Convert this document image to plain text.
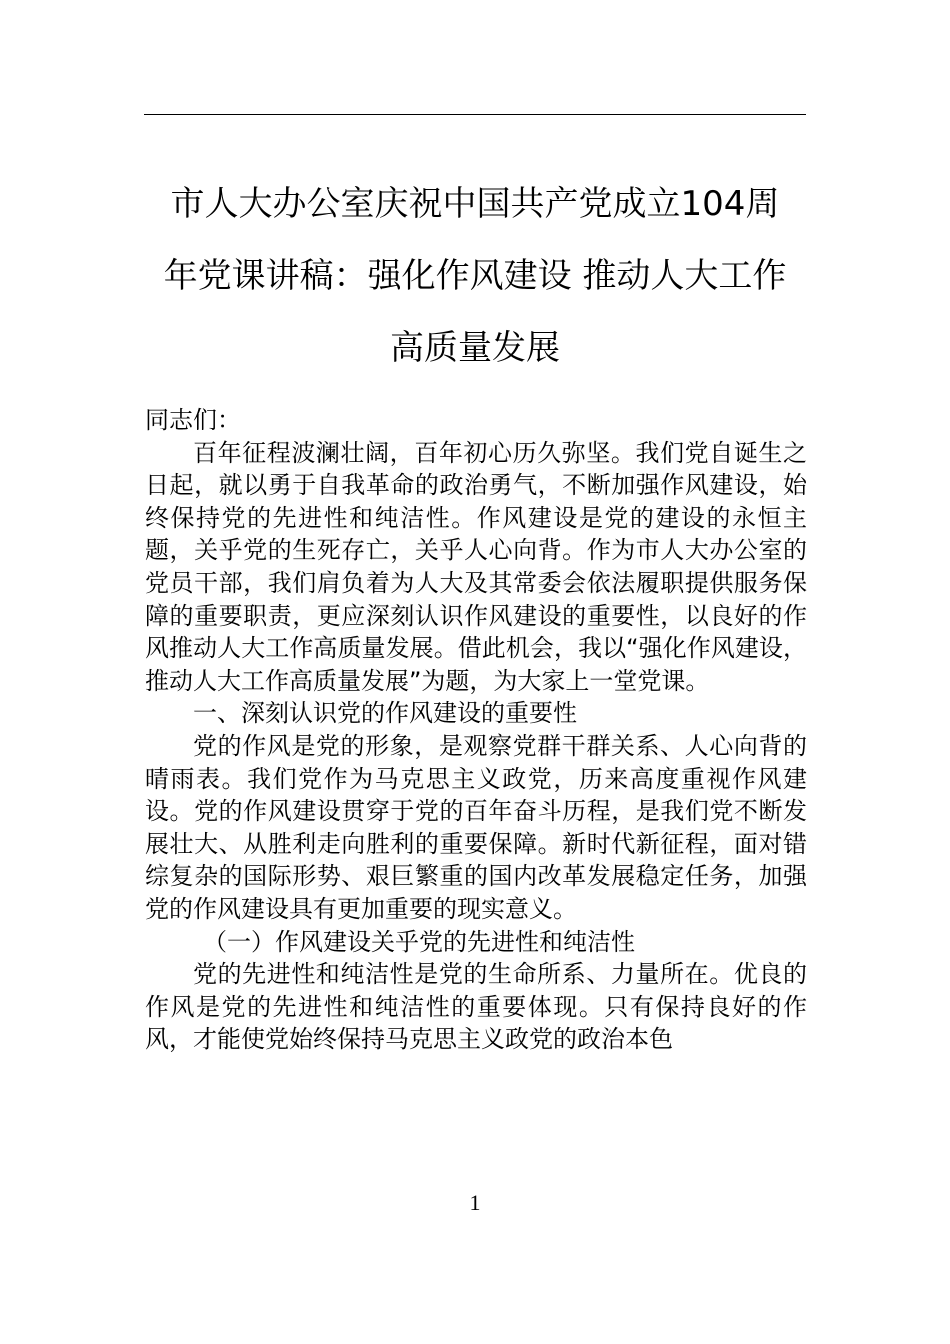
市人大办公室庆祝中国共产党成立104周
年党课讲稿：强化作风建设 推动人大工作
高质量发展

同志们：

百年征程波澜壮阔，百年初心历久弥坚。我们党自诞生之日起，就以勇于自我革命的政治勇气，不断加强作风建设，始终保持党的先进性和纯洁性。作风建设是党的建设的永恒主题，关乎党的生死存亡，关乎人心向背。作为市人大办公室的党员干部，我们肩负着为人大及其常委会依法履职提供服务保障的重要职责，更应深刻认识作风建设的重要性，以良好的作风推动人大工作高质量发展。借此机会，我以“强化作风建设，推动人大工作高质量发展”为题，为大家上一堂党课。

一、深刻认识党的作风建设的重要性

党的作风是党的形象，是观察党群干群关系、人心向背的晴雨表。我们党作为马克思主义政党，历来高度重视作风建设。党的作风建设贯穿于党的百年奋斗历程，是我们党不断发展壮大、从胜利走向胜利的重要保障。新时代新征程，面对错综复杂的国际形势、艰巨繁重的国内改革发展稳定任务，加强党的作风建设具有更加重要的现实意义。

（一）作风建设关乎党的先进性和纯洁性

党的先进性和纯洁性是党的生命所系、力量所在。优良的作风是党的先进性和纯洁性的重要体现。只有保持良好的作风，才能使党始终保持马克思主义政党的政治本色

1
